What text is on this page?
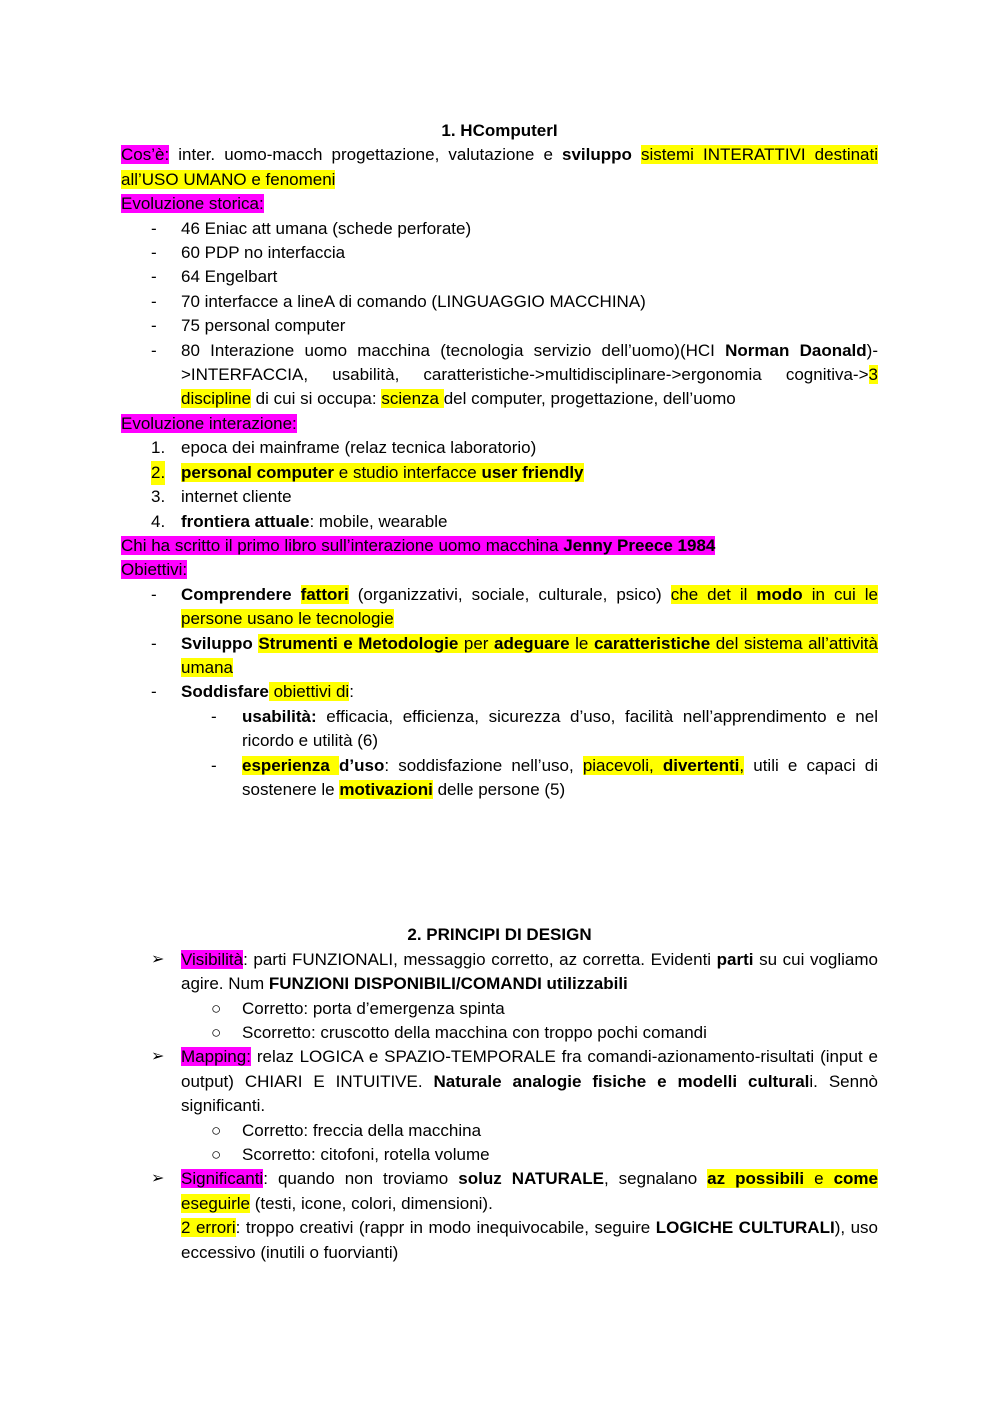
1. HComputerI

Cos’è: inter. uomo-macch progettazione, valutazione e sviluppo sistemi INTERATTIVI destinati all’USO UMANO e fenomeni

Evoluzione storica:

- 46 Eniac att umana (schede perforate)
- 60 PDP no interfaccia
- 64 Engelbart
- 70 interfacce a lineA di comando (LINGUAGGIO MACCHINA)
- 75 personal computer
- 80 Interazione uomo macchina (tecnologia servizio dell’uomo)(HCI Norman Daonald)->INTERFACCIA, usabilità, caratteristiche->multidisciplinare->ergonomia cognitiva->3 discipline di cui si occupa: scienza del computer, progettazione, dell’uomo

Evoluzione interazione:

1. epoca dei mainframe (relaz tecnica laboratorio)
2. personal computer e studio interfacce user friendly
3. internet cliente
4. frontiera attuale: mobile, wearable

Chi ha scritto il primo libro sull’interazione uomo macchina Jenny Preece 1984

Obiettivi:

- Comprendere fattori (organizzativi, sociale, culturale, psico) che det il modo in cui le persone usano le tecnologie
- Sviluppo Strumenti e Metodologie per adeguare le caratteristiche del sistema all’attività umana
- Soddisfare obiettivi di:
- usabilità: efficacia, efficienza, sicurezza d’uso, facilità nell’apprendimento e nel ricordo e utilità (6)
- esperienza d’uso: soddisfazione nell’uso, piacevoli, divertenti, utili e capaci di sostenere le motivazioni delle persone (5)

2. PRINCIPI DI DESIGN

➢ Visibilità: parti FUNZIONALI, messaggio corretto, az corretta. Evidenti parti su cui vogliamo agire. Num FUNZIONI DISPONIBILI/COMANDI utilizzabili
○ Corretto: porta d’emergenza spinta
○ Scorretto: cruscotto della macchina con troppo pochi comandi
➢ Mapping: relaz LOGICA e SPAZIO-TEMPORALE fra comandi-azionamento-risultati (input e output) CHIARI E INTUITIVE. Naturale analogie fisiche e modelli culturali. Sennò significanti.
○ Corretto: freccia della macchina
○ Scorretto: citofoni, rotella volume
➢ Significanti: quando non troviamo soluz NATURALE, segnalano az possibili e come eseguirle (testi, icone, colori, dimensioni).

2 errori: troppo creativi (rappr in modo inequivocabile, seguire LOGICHE CULTURALI), uso eccessivo (inutili o fuorvianti)
